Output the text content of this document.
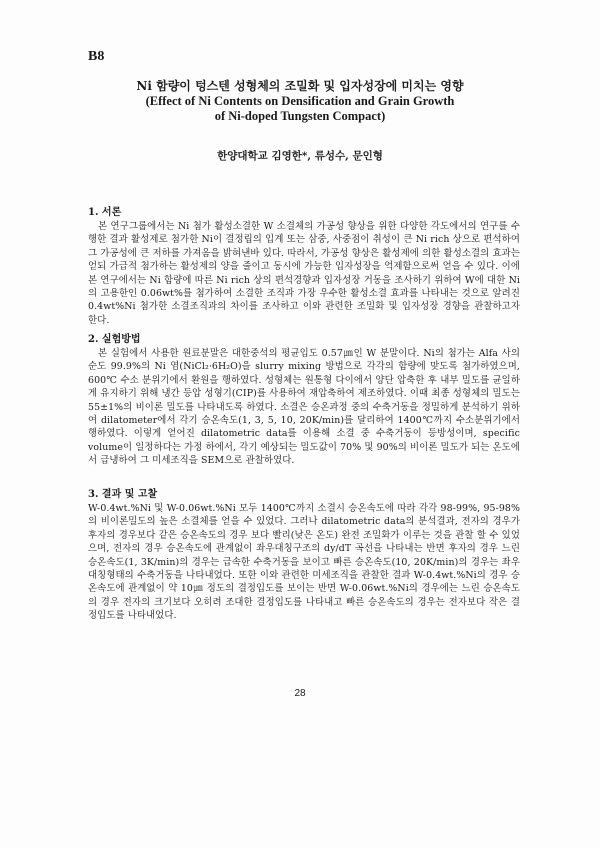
B8
Ni 함량이 텅스텐 성형체의 조밀화 및 입자성장에 미치는 영향
(Effect of Ni Contents on Densification and Grain Growth
of Ni-doped Tungsten Compact)
한양대학교 김영한*, 류성수, 문인형
1. 서론

본 연구그룹에서는 Ni 첨가 활성소결한 W 소결체의 가공성 향상을 위한 다양한 각도에서의 연구를 수행한 결과 활성제로 첨가한 Ni이 결정립의 입계 또는 삼중, 사중점이 취성이 큰 Ni rich 상으로 편석하여 그 가공성에 큰 저하를 가져옴을 밝혀낸바 있다. 따라서, 가공성 향상은 활성제에 의한 활성소결의 효과는 얻되 가급적 첨가하는 활성제의 양을 줄이고 동시에 가능한 입자성장을 억제함으로써 얻을 수 있다. 이에 본 연구에서는 Ni 함량에 따른 Ni rich 상의 편석경향과 입자성장 거동을 조사하기 위하여 W에 대한 Ni의 고용한인 0.06wt%를 첨가하여 소결한 조직과 가장 우수한 활성소결 효과를 나타내는 것으로 알려진 0.4wt%Ni 첨가한 소결조직과의 차이를 조사하고 이와 관련한 조밀화 및 입자성장 경향을 관찰하고자 한다.

2. 실험방법

본 실험에서 사용한 원료분말은 대한중석의 평균입도 0.57㎛인 W 분말이다. Ni의 첨가는 Alfa 사의 순도 99.9%의 Ni 염(NiCl₂·6H₂O)을 slurry mixing 방법으로 각각의 함량에 맞도록 첨가하였으며, 600℃ 수소 분위기에서 환원을 행하였다. 성형체는 원통형 다이에서 양단 압축한 후 내부 밀도를 균일하게 유지하기 위해 냉간 등압 성형기(CIP)를 사용하여 재압축하여 제조하였다. 이때 최종 성형체의 밀도는 55±1%의 비이론 밀도를 나타내도록 하였다. 소결은 승온과정 중의 수축거동을 정밀하게 분석하기 위하여 dilatometer에서 각기 승온속도(1, 3, 5, 10, 20K/min)를 달리하여 1400℃까지 수소분위기에서 행하였다. 이렇게 얻어진 dilatometric data를 이용해 소결 중 수축거동이 등방성이며, specific volume이 일정하다는 가정 하에서, 각기 예상되는 밀도값이 70% 및 90%의 비이론 밀도가 되는 온도에서 급냉하여 그 미세조직을 SEM으로 관찰하였다.

3. 결과 및 고찰

W-0.4wt.%Ni 및 W-0.06wt.%Ni 모두 1400℃까지 소결시 승온속도에 따라 각각 98-99%, 95-98%의 비이론밀도의 높은 소결체를 얻을 수 있었다. 그러나 dilatometric data의 분석결과, 전자의 경우가 후자의 경우보다 같은 승온속도의 경우 보다 빨리(낮은 온도) 완전 조밀화가 이루는 것을 관찰 할 수 있었으며, 전자의 경우 승온속도에 관계없이 좌우대칭구조의 dy/dT 곡선을 나타내는 반면 후자의 경우 느린 승온속도(1, 3K/min)의 경우는 급속한 수축거동을 보이고 빠른 승온속도(10, 20K/min)의 경우는 좌우대칭형태의 수축거동을 나타내었다. 또한 이와 관련한 미세조직을 관찰한 결과 W-0.4wt.%Ni의 경우 승온속도에 관계없이 약 10㎛ 정도의 결정입도를 보이는 반면 W-0.06wt.%Ni의 경우에는 느린 승온속도의 경우 전자의 크기보다 오히려 조대한 결정입도를 나타내고 빠른 승온속도의 경우는 전자보다 작은 결정입도를 나타내었다.

28
